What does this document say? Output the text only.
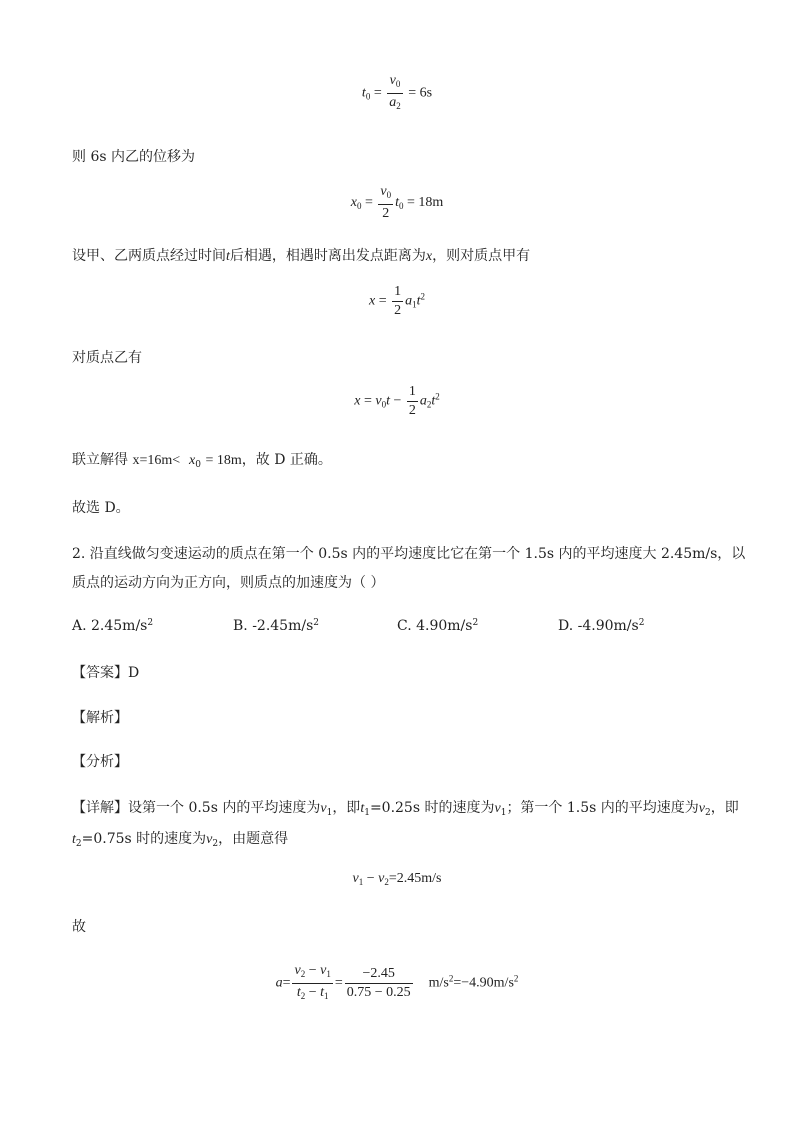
$t_0 = \frac{v_0}{a_2} = 6s$
则 6s 内乙的位移为
$x_0 = \frac{v_0}{2} t_0 = 18m$
设甲、乙两质点经过时间t后相遇，相遇时离出发点距离为x，则对质点甲有
$x = \frac{1}{2} a_1t^2$
对质点乙有
$x = v_0t - \frac{1}{2} a_2t^2$
联立解得 $x=16m< x_0 = 18m$，故 D 正确。
故选 D。
2. 沿直线做匀变速运动的质点在第一个 0.5s 内的平均速度比它在第一个 1.5s 内的平均速度大 2.45m/s，以
质点的运动方向为正方向，则质点的加速度为（ ）
A. $2.45m/s^2$	B. $-2.45m/s^2$	C. $4.90m/s^2$	D. $-4.90m/s^2$
【答案】D
【解析】
【分析】
【详解】设第一个 0.5s 内的平均速度为$v_1$，即$t_1=0.25s$ 时的速度为$v_1$；第一个 1.5s 内的平均速度为$v_2$，即
$t_2=0.75s$ 时的速度为$v_2$，由题意得
$v_1 - v_2=2.45m/s$
故
$a= \frac{v_2 - v_1}{t_2 - t_1} = \frac{-2.45}{0.75 - 0.25} m/s^2=-4.90m/s^2$
